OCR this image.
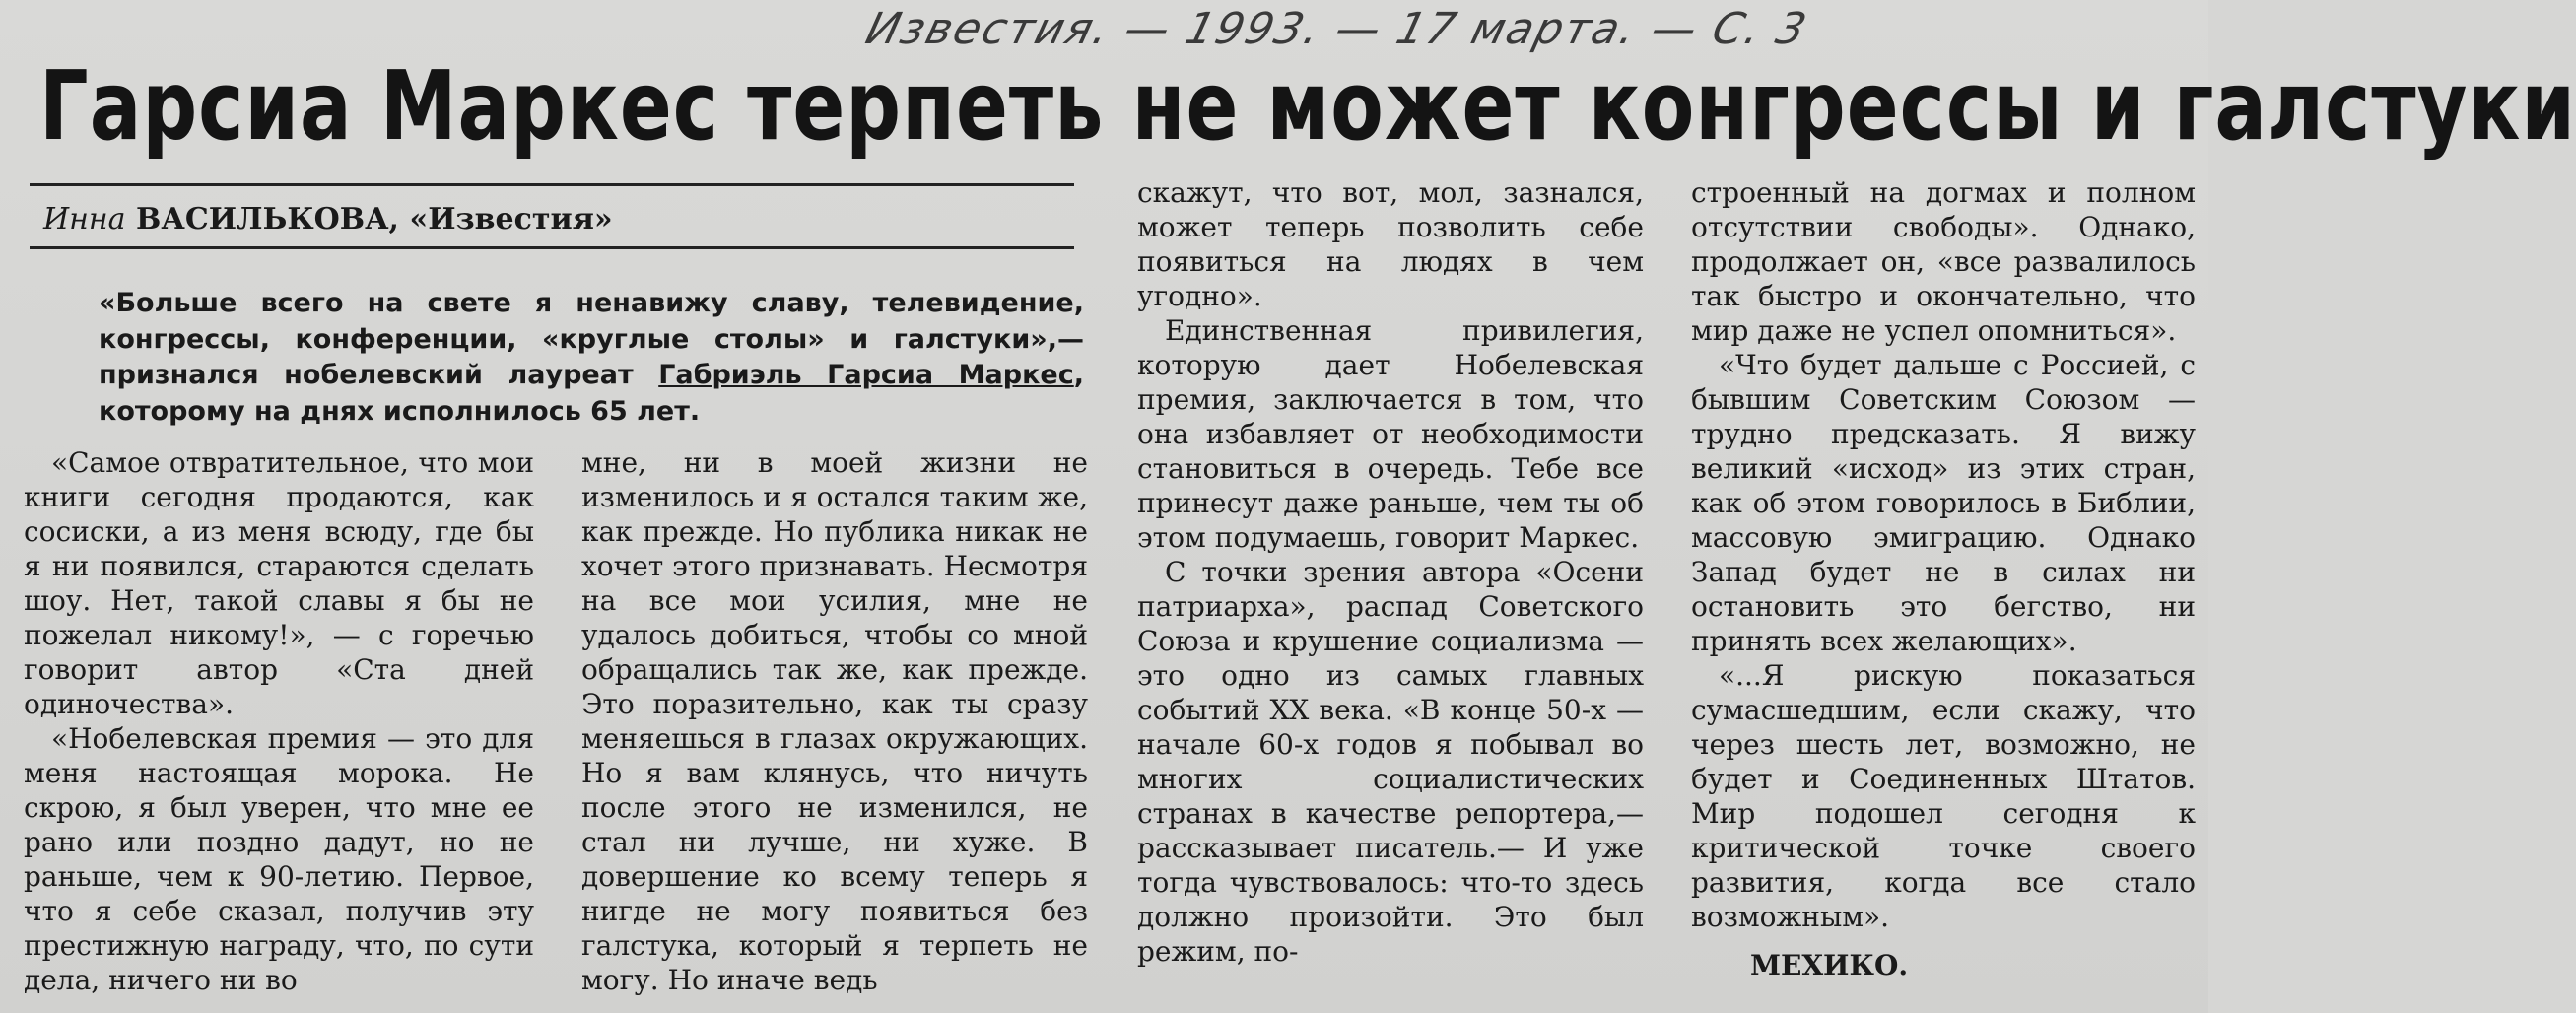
Известия. — 1993. — 17 марта. — С. 3
Гарсиа Маркес терпеть не может конгрессы и галстуки
Инна ВАСИЛЬКОВА, «Известия»
«Больше всего на свете я ненавижу славу, телевидение, конгрессы, конференции, «круглые столы» и галстуки»,— признался нобелевский лауреат Габриэль Гарсиа Маркес, которому на днях исполнилось 65 лет.

«Самое отвратительное, что мои книги сегодня продаются, как сосиски, а из меня всюду, где бы я ни появился, стараются сделать шоу. Нет, такой славы я бы не пожелал никому!», — с горечью говорит автор «Ста дней одиночества».

«Нобелевская премия — это для меня настоящая морока. Не скрою, я был уверен, что мне ее рано или поздно дадут, но не раньше, чем к 90-летию. Первое, что я себе сказал, получив эту престижную награду, что, по сути дела, ничего ни во

мне, ни в моей жизни не изменилось и я остался таким же, как прежде. Но публика никак не хочет этого признавать. Несмотря на все мои усилия, мне не удалось добиться, чтобы со мной обращались так же, как прежде. Это поразительно, как ты сразу меняешься в глазах окружающих. Но я вам клянусь, что ничуть после этого не изменился, не стал ни лучше, ни хуже. В довершение ко всему теперь я нигде не могу появиться без галстука, который я терпеть не могу. Но иначе ведь

скажут, что вот, мол, зазнался, может теперь позволить себе появиться на людях в чем угодно».

Единственная привилегия, которую дает Нобелевская премия, заключается в том, что она избавляет от необходимости становиться в очередь. Тебе все принесут даже раньше, чем ты об этом подумаешь, говорит Маркес.

С точки зрения автора «Осени патриарха», распад Советского Союза и крушение социализма — это одно из самых главных событий XX века. «В конце 50-х — начале 60-х годов я побывал во многих социалистических странах в качестве репортера,— рассказывает писатель.— И уже тогда чувствовалось: что-то здесь должно произойти. Это был режим, по-

строенный на догмах и полном отсутствии свободы». Однако, продолжает он, «все развалилось так быстро и окончательно, что мир даже не успел опомниться».

«Что будет дальше с Россией, с бывшим Советским Союзом — трудно предсказать. Я вижу великий «исход» из этих стран, как об этом говорилось в Библии, массовую эмиграцию. Однако Запад будет не в силах ни остановить это бегство, ни принять всех желающих».

«...Я рискую показаться сумасшедшим, если скажу, что через шесть лет, возможно, не будет и Соединенных Штатов. Мир подошел сегодня к критической точке своего развития, когда все стало возможным».

МЕХИКО.
